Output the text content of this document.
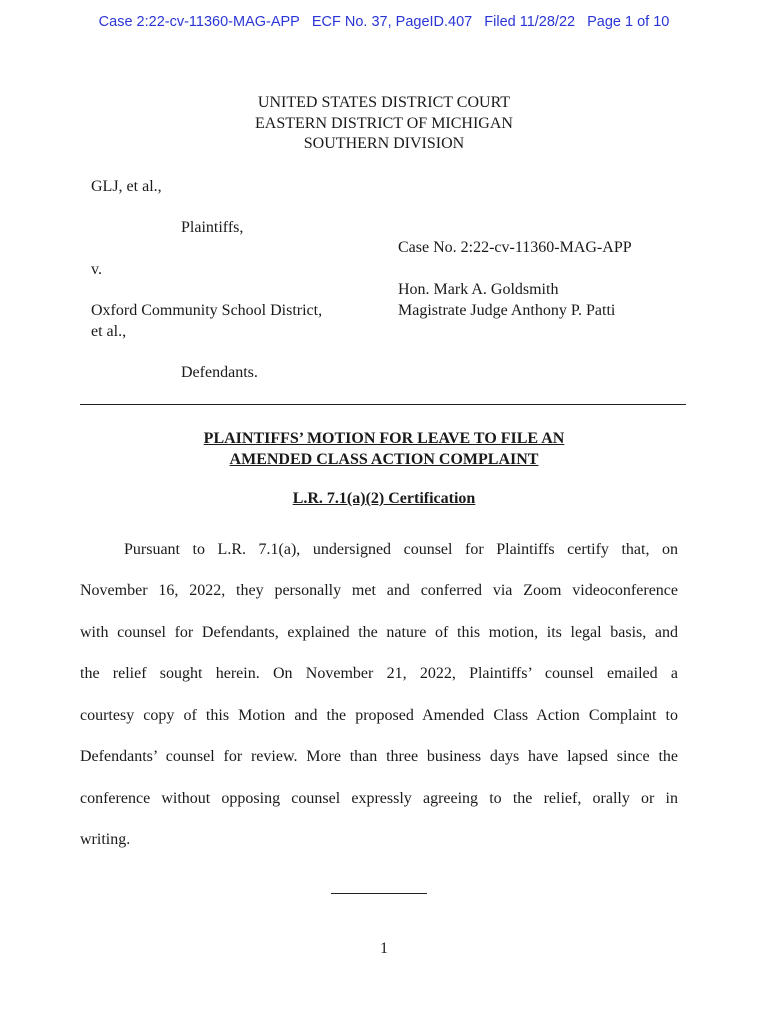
Case 2:22-cv-11360-MAG-APP ECF No. 37, PageID.407 Filed 11/28/22 Page 1 of 10
UNITED STATES DISTRICT COURT
EASTERN DISTRICT OF MICHIGAN
SOUTHERN DIVISION
GLJ, et al.,
Plaintiffs,
v.
Oxford Community School District,
et al.,
Defendants.
Case No. 2:22-cv-11360-MAG-APP
Hon. Mark A. Goldsmith
Magistrate Judge Anthony P. Patti
PLAINTIFFS’ MOTION FOR LEAVE TO FILE AN
AMENDED CLASS ACTION COMPLAINT
L.R. 7.1(a)(2) Certification
Pursuant to L.R. 7.1(a), undersigned counsel for Plaintiffs certify that, on
November 16, 2022, they personally met and conferred via Zoom videoconference
with counsel for Defendants, explained the nature of this motion, its legal basis, and
the relief sought herein. On November 21, 2022, Plaintiffs’ counsel emailed a
courtesy copy of this Motion and the proposed Amended Class Action Complaint to
Defendants’ counsel for review. More than three business days have lapsed since the
conference without opposing counsel expressly agreeing to the relief, orally or in
writing.
1
